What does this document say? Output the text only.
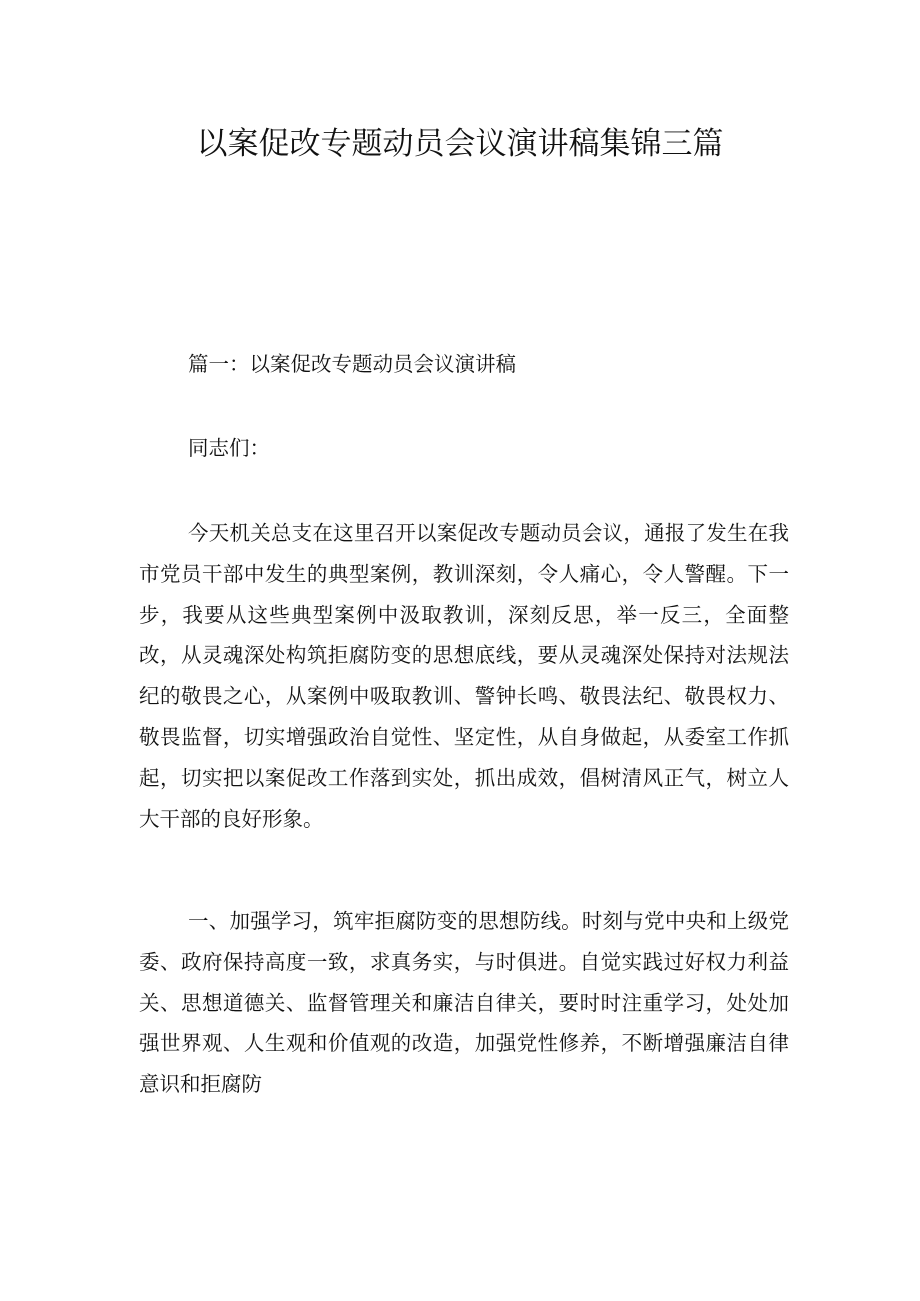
以案促改专题动员会议演讲稿集锦三篇

篇一：以案促改专题动员会议演讲稿

同志们：

今天机关总支在这里召开以案促改专题动员会议，通报了发生在我市党员干部中发生的典型案例，教训深刻，令人痛心，令人警醒。下一步，我要从这些典型案例中汲取教训，深刻反思，举一反三，全面整改，从灵魂深处构筑拒腐防变的思想底线，要从灵魂深处保持对法规法纪的敬畏之心，从案例中吸取教训、警钟长鸣、敬畏法纪、敬畏权力、敬畏监督，切实增强政治自觉性、坚定性，从自身做起，从委室工作抓起，切实把以案促改工作落到实处，抓出成效，倡树清风正气，树立人大干部的良好形象。

一、加强学习，筑牢拒腐防变的思想防线。时刻与党中央和上级党委、政府保持高度一致，求真务实，与时俱进。自觉实践过好权力利益关、思想道德关、监督管理关和廉洁自律关，要时时注重学习，处处加强世界观、人生观和价值观的改造，加强党性修养，不断增强廉洁自律意识和拒腐防
